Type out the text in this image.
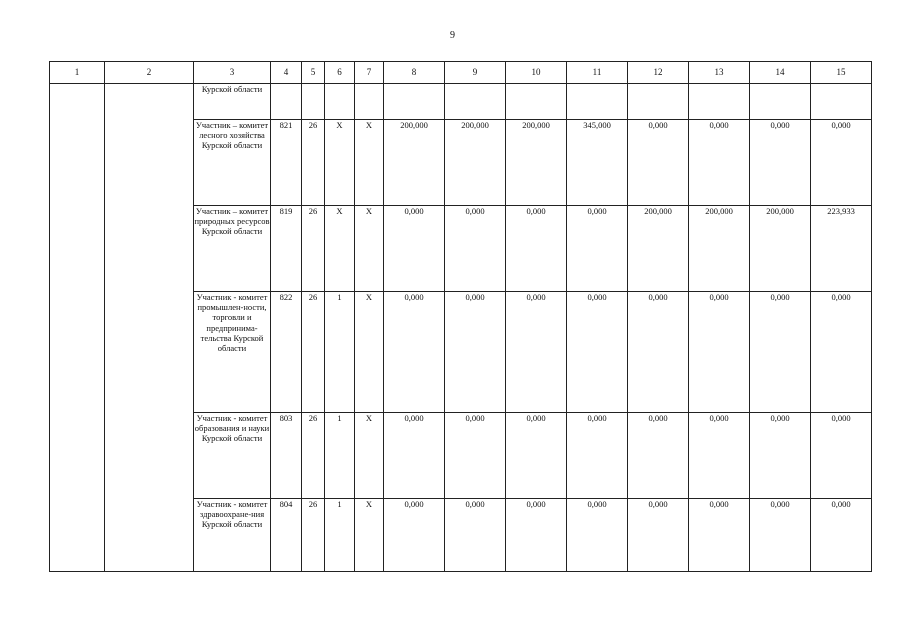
9
1	2	3	4	5	6	7	8	9	10	11	12	13	14	15
		Курской области												
		Участник – комитет лесного хозяйства Курской области	821	26	Х	Х	200,000	200,000	200,000	345,000	0,000	0,000	0,000	0,000
		Участник – комитет природных ресурсов Курской области	819	26	Х	Х	0,000	0,000	0,000	0,000	200,000	200,000	200,000	223,933
		Участник - комитет промышлен-ности, торговли и предпринима-тельства Курской области	822	26	1	Х	0,000	0,000	0,000	0,000	0,000	0,000	0,000	0,000
		Участник - комитет образования и науки Курской области	803	26	1	Х	0,000	0,000	0,000	0,000	0,000	0,000	0,000	0,000
		Участник - комитет здравоохране-ния Курской области	804	26	1	Х	0,000	0,000	0,000	0,000	0,000	0,000	0,000	0,000
